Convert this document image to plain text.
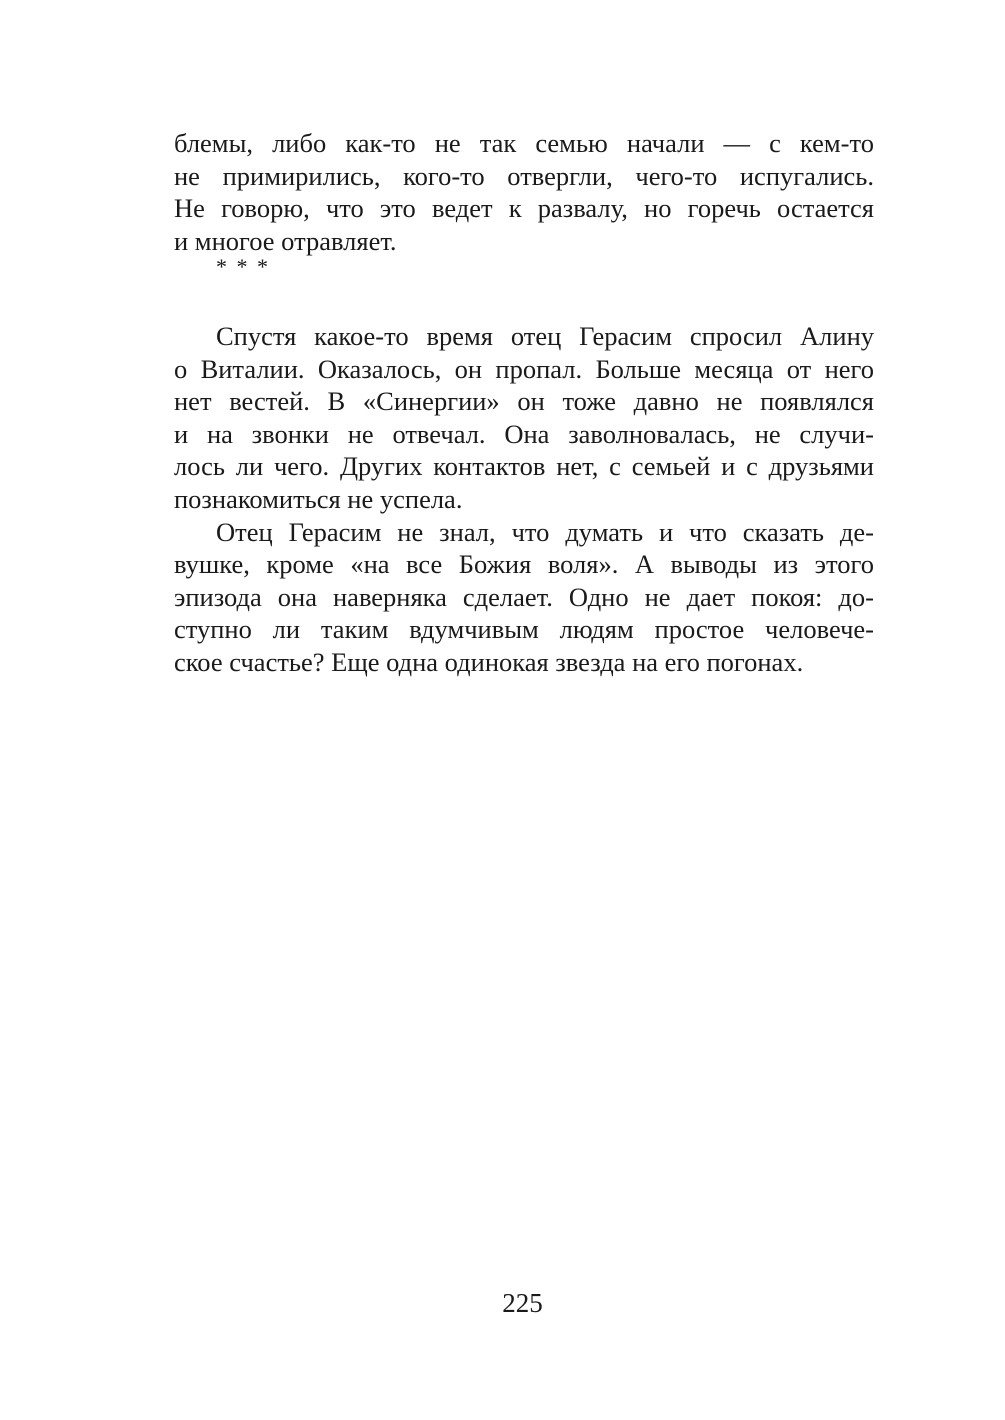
блемы, либо как-то не так семью начали — с кем-то
не примирились, кого-то отвергли, чего-то испугались.
Не говорю, что это ведет к развалу, но горечь остается
и многое отравляет.
* * *
Спустя какое-то время отец Герасим спросил Алину
о Виталии. Оказалось, он пропал. Больше месяца от него
нет вестей. В «Синергии» он тоже давно не появлялся
и на звонки не отвечал. Она заволновалась, не случи-
лось ли чего. Других контактов нет, с семьей и с друзьями
познакомиться не успела.
Отец Герасим не знал, что думать и что сказать де-
вушке, кроме «на все Божия воля». А выводы из этого
эпизода она наверняка сделает. Одно не дает покоя: до-
ступно ли таким вдумчивым людям простое человече-
ское счастье? Еще одна одинокая звезда на его погонах.
225
